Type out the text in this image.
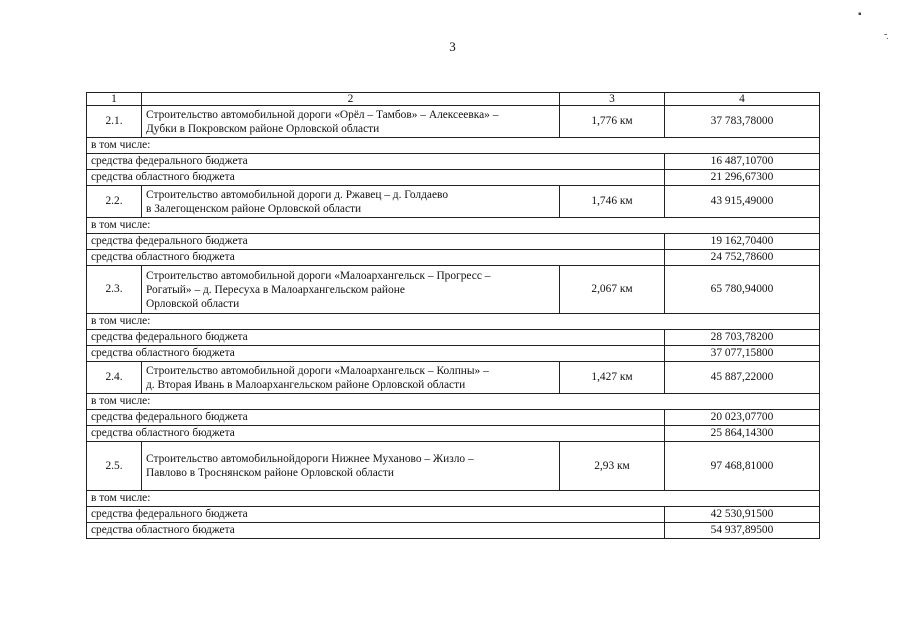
3
▪
-̣
1	2	3	4
2.1.	Строительство автомобильной дороги «Орёл – Тамбов» – Алексеевка» –
Дубки в Покровском районе Орловской области	1,776 км	37 783,78000
в том числе:			
средства федерального бюджета			16 487,10700
средства областного бюджета			21 296,67300
2.2.	Строительство автомобильной дороги д. Ржавец – д. Голдаево
в Залегощенском районе Орловской области	1,746 км	43 915,49000
в том числе:			
средства федерального бюджета			19 162,70400
средства областного бюджета			24 752,78600
2.3.	Строительство автомобильной дороги «Малоархангельск – Прогресс –
Рогатый» – д. Пересуха в Малоархангельском районе
Орловской области	2,067 км	65 780,94000
в том числе:			
средства федерального бюджета			28 703,78200
средства областного бюджета			37 077,15800
2.4.	Строительство автомобильной дороги «Малоархангельск – Колпны» –
д. Вторая Ивань в Малоархангельском районе Орловской области	1,427 км	45 887,22000
в том числе:			
средства федерального бюджета			20 023,07700
средства областного бюджета			25 864,14300
2.5.	Строительство автомобильнойдороги Нижнее Муханово – Жизло –
Павлово в Троснянском районе Орловской области	2,93 км	97 468,81000
в том числе:			
средства федерального бюджета			42 530,91500
средства областного бюджета			54 937,89500
